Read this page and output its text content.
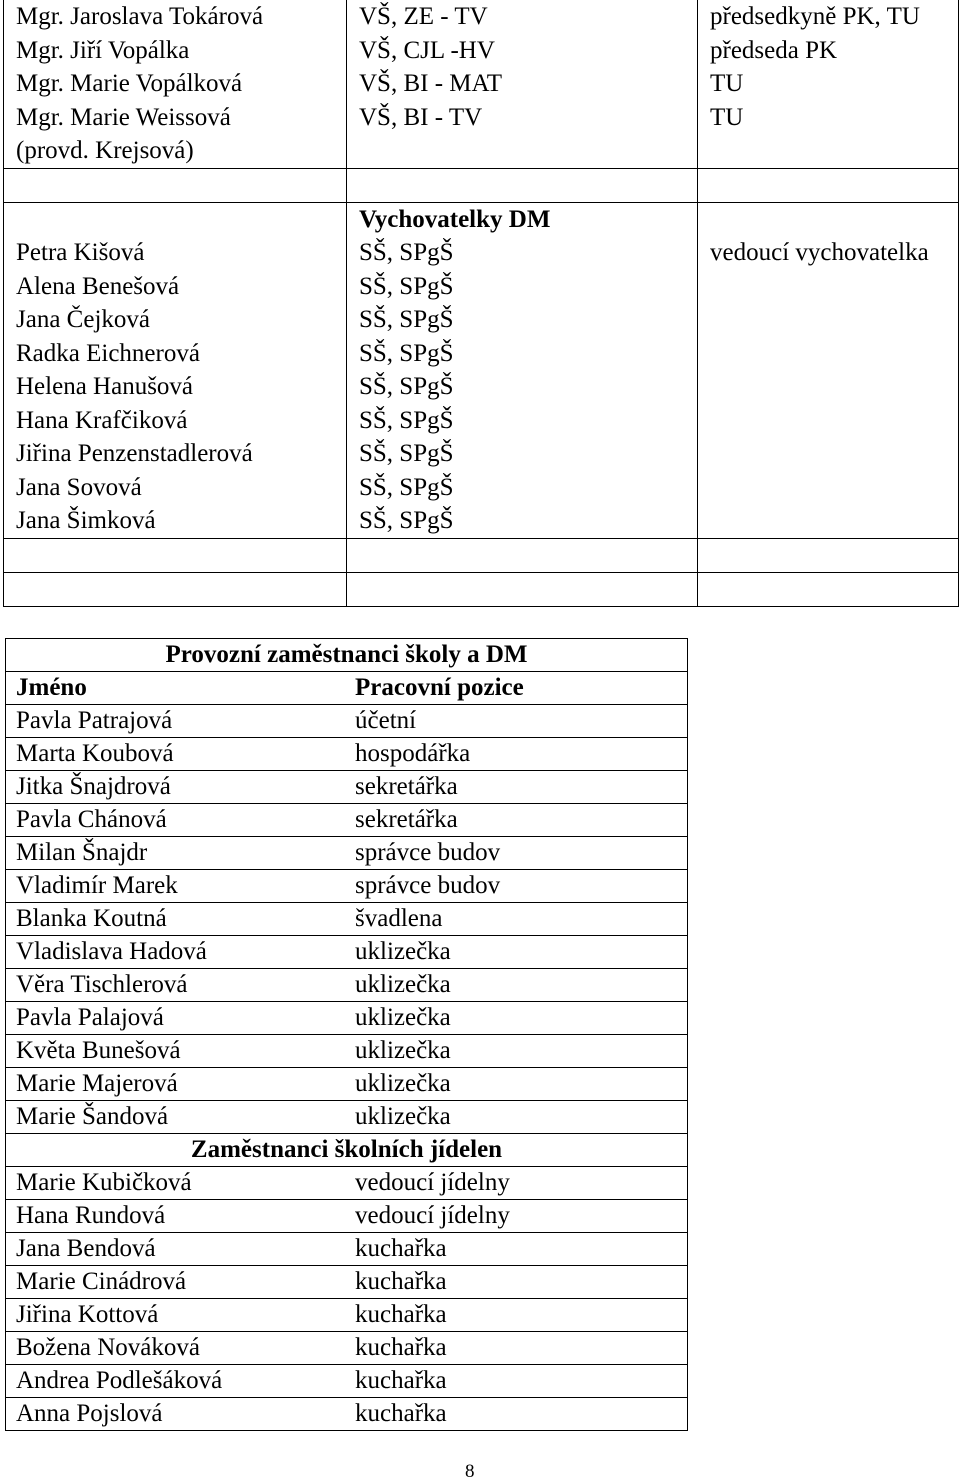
Mgr. Jaroslava Tokárová	VŠ, ZE - TV	předsedkyně PK, TU
Mgr. Jiří Vopálka	VŠ, CJL -HV	předseda PK
Mgr. Marie Vopálková	VŠ, BI - MAT	TU

Mgr. Marie Weissová
(provd. Krejsová)	VŠ, BI - TV	TU

	Vychovatelky DM	
Petra Kišová	SŠ, SPgŠ	vedoucí vychovatelka
Alena Benešová	SŠ, SPgŠ	
Jana Čejková	SŠ, SPgŠ	
Radka Eichnerová	SŠ, SPgŠ	
Helena Hanušová	SŠ, SPgŠ	
Hana Krafčiková	SŠ, SPgŠ	
Jiřina Penzenstadlerová	SŠ, SPgŠ	
Jana Sovová	SŠ, SPgŠ	
Jana Šimková	SŠ, SPgŠ	

Provozní zaměstnanci školy a DM	
Jméno	Pracovní pozice
Pavla Patrajová	účetní
Marta Koubová	hospodářka
Jitka Šnajdrová	sekretářka
Pavla Chánová	sekretářka
Milan Šnajdr	správce budov
Vladimír Marek	správce budov
Blanka Koutná	švadlena
Vladislava Hadová	uklizečka
Věra Tischlerová	uklizečka
Pavla Palajová	uklizečka
Květa Bunešová	uklizečka
Marie Majerová	uklizečka
Marie Šandová	uklizečka
Zaměstnanci školních jídelen	
Marie Kubičková	vedoucí jídelny
Hana Rundová	vedoucí jídelny
Jana Bendová	kuchařka
Marie Cinádrová	kuchařka
Jiřina Kottová	kuchařka
Božena Nováková	kuchařka
Andrea Podlešáková	kuchařka
Anna Pojslová	kuchařka
8
